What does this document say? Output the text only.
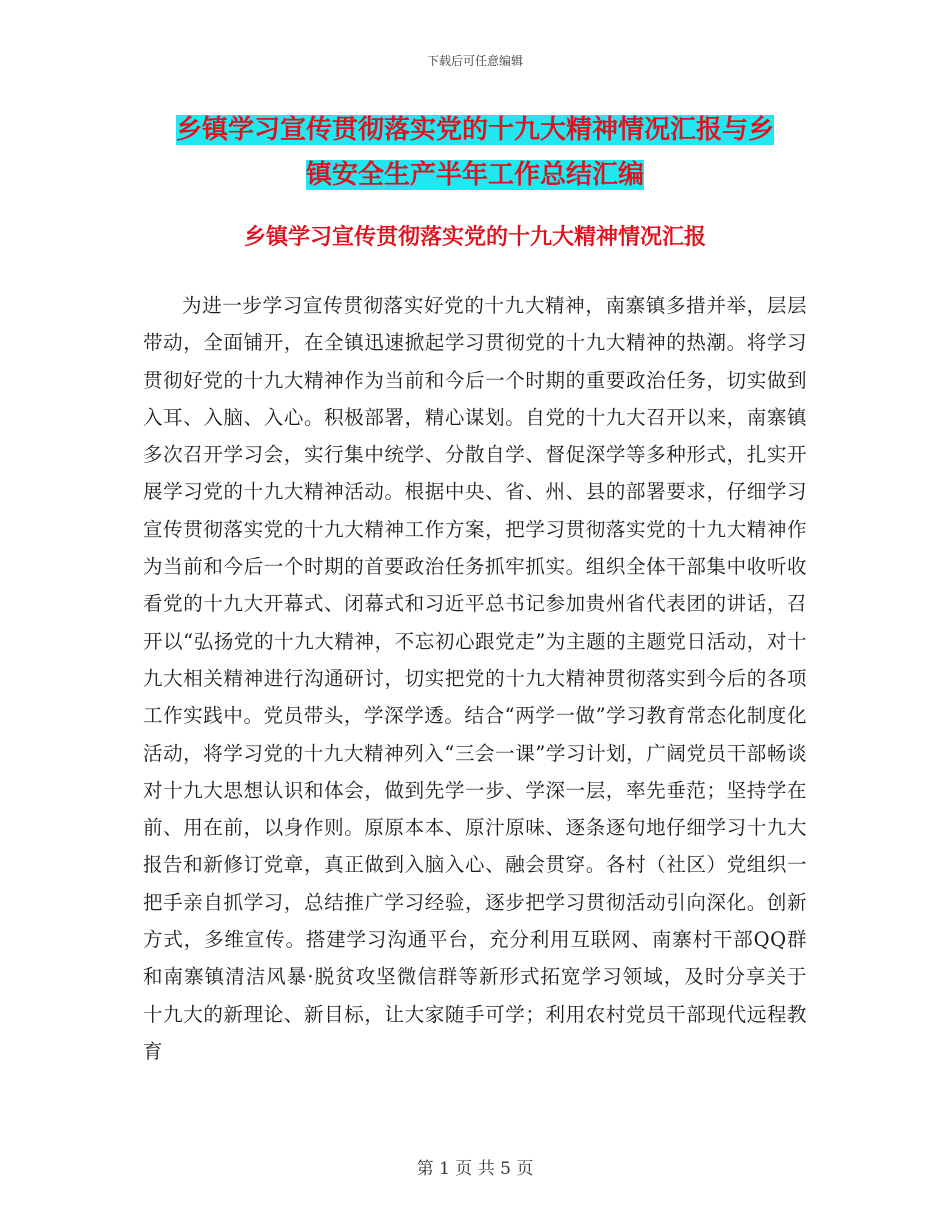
下载后可任意编辑
乡镇学习宣传贯彻落实党的十九大精神情况汇报与乡
镇安全生产半年工作总结汇编
乡镇学习宣传贯彻落实党的十九大精神情况汇报

为进一步学习宣传贯彻落实好党的十九大精神，南寨镇多措并举，层层带动，全面铺开，在全镇迅速掀起学习贯彻党的十九大精神的热潮。将学习贯彻好党的十九大精神作为当前和今后一个时期的重要政治任务，切实做到入耳、入脑、入心。积极部署，精心谋划。自党的十九大召开以来，南寨镇多次召开学习会，实行集中统学、分散自学、督促深学等多种形式，扎实开展学习党的十九大精神活动。根据中央、省、州、县的部署要求，仔细学习宣传贯彻落实党的十九大精神工作方案，把学习贯彻落实党的十九大精神作为当前和今后一个时期的首要政治任务抓牢抓实。组织全体干部集中收听收看党的十九大开幕式、闭幕式和习近平总书记参加贵州省代表团的讲话，召开以“弘扬党的十九大精神，不忘初心跟党走”为主题的主题党日活动，对十九大相关精神进行沟通研讨，切实把党的十九大精神贯彻落实到今后的各项工作实践中。党员带头，学深学透。结合“两学一做”学习教育常态化制度化活动，将学习党的十九大精神列入“三会一课”学习计划，广阔党员干部畅谈对十九大思想认识和体会，做到先学一步、学深一层，率先垂范；坚持学在前、用在前，以身作则。原原本本、原汁原味、逐条逐句地仔细学习十九大报告和新修订党章，真正做到入脑入心、融会贯穿。各村（社区）党组织一把手亲自抓学习，总结推广学习经验，逐步把学习贯彻活动引向深化。创新方式，多维宣传。搭建学习沟通平台，充分利用互联网、南寨村干部QQ群和南寨镇清洁风暴·脱贫攻坚微信群等新形式拓宽学习领域，及时分享关于十九大的新理论、新目标，让大家随手可学；利用农村党员干部现代远程教育

第 1 页 共 5 页
